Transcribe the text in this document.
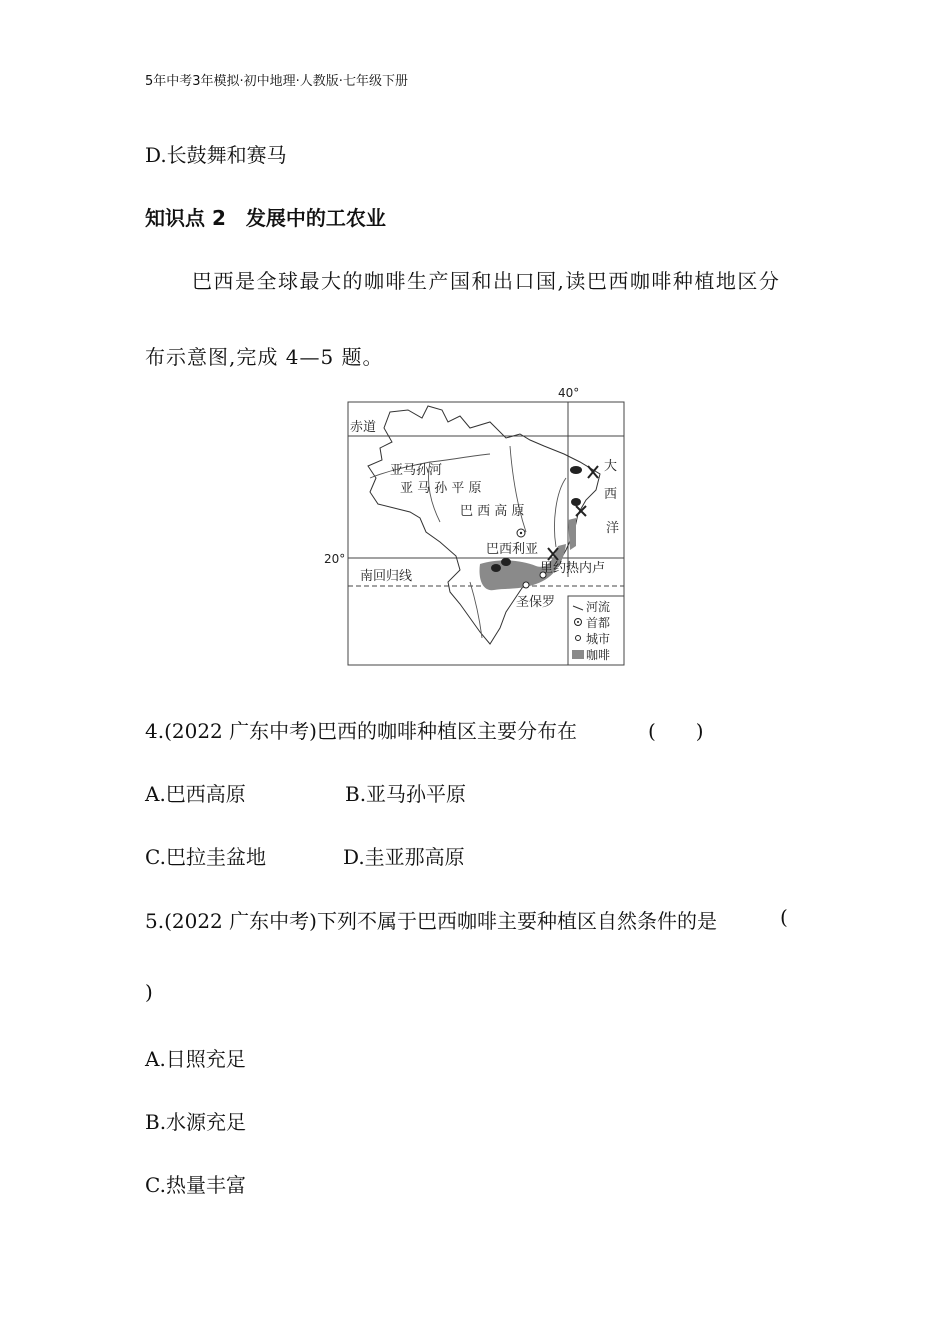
5年中考3年模拟·初中地理·人教版·七年级下册
D.长鼓舞和赛马
知识点 2　发展中的工农业
巴西是全球最大的咖啡生产国和出口国,读巴西咖啡种植地区分
布示意图,完成 4—5 题。
40°
20°
赤道
南回归线
亚马孙河
亚 马 孙 平 原
巴 西 高 原
巴西利亚
里约热内卢
圣保罗
大
西
洋
河流
首都
城市
咖啡
4.(2022 广东中考)巴西的咖啡种植区主要分布在	(　　)
A.巴西高原	B.亚马孙平原
C.巴拉圭盆地	D.圭亚那高原
5.(2022 广东中考)下列不属于巴西咖啡主要种植区自然条件的是	(
)
A.日照充足
B.水源充足
C.热量丰富
